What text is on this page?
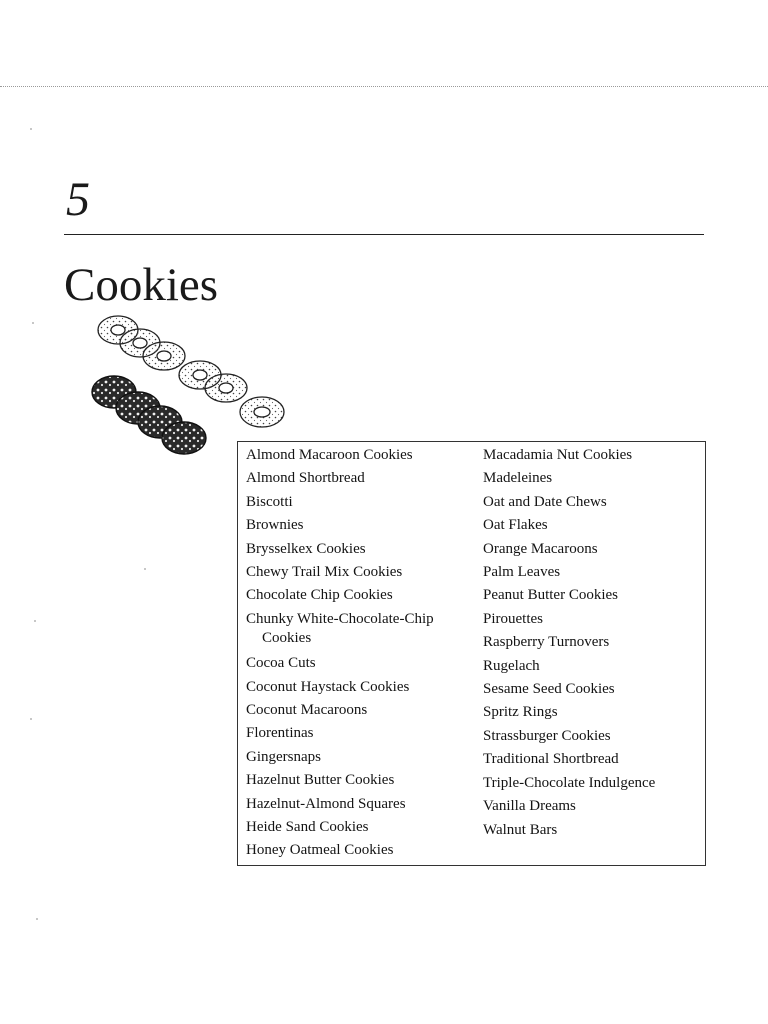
5
Cookies
Almond Macaroon Cookies
Almond Shortbread
Biscotti
Brownies
Brysselkex Cookies
Chewy Trail Mix Cookies
Chocolate Chip Cookies
Chunky White-Chocolate-Chip Cookies
Cocoa Cuts
Coconut Haystack Cookies
Coconut Macaroons
Florentinas
Gingersnaps
Hazelnut Butter Cookies
Hazelnut-Almond Squares
Heide Sand Cookies
Honey Oatmeal Cookies
Macadamia Nut Cookies
Madeleines
Oat and Date Chews
Oat Flakes
Orange Macaroons
Palm Leaves
Peanut Butter Cookies
Pirouettes
Raspberry Turnovers
Rugelach
Sesame Seed Cookies
Spritz Rings
Strassburger Cookies
Traditional Shortbread
Triple-Chocolate Indulgence
Vanilla Dreams
Walnut Bars
